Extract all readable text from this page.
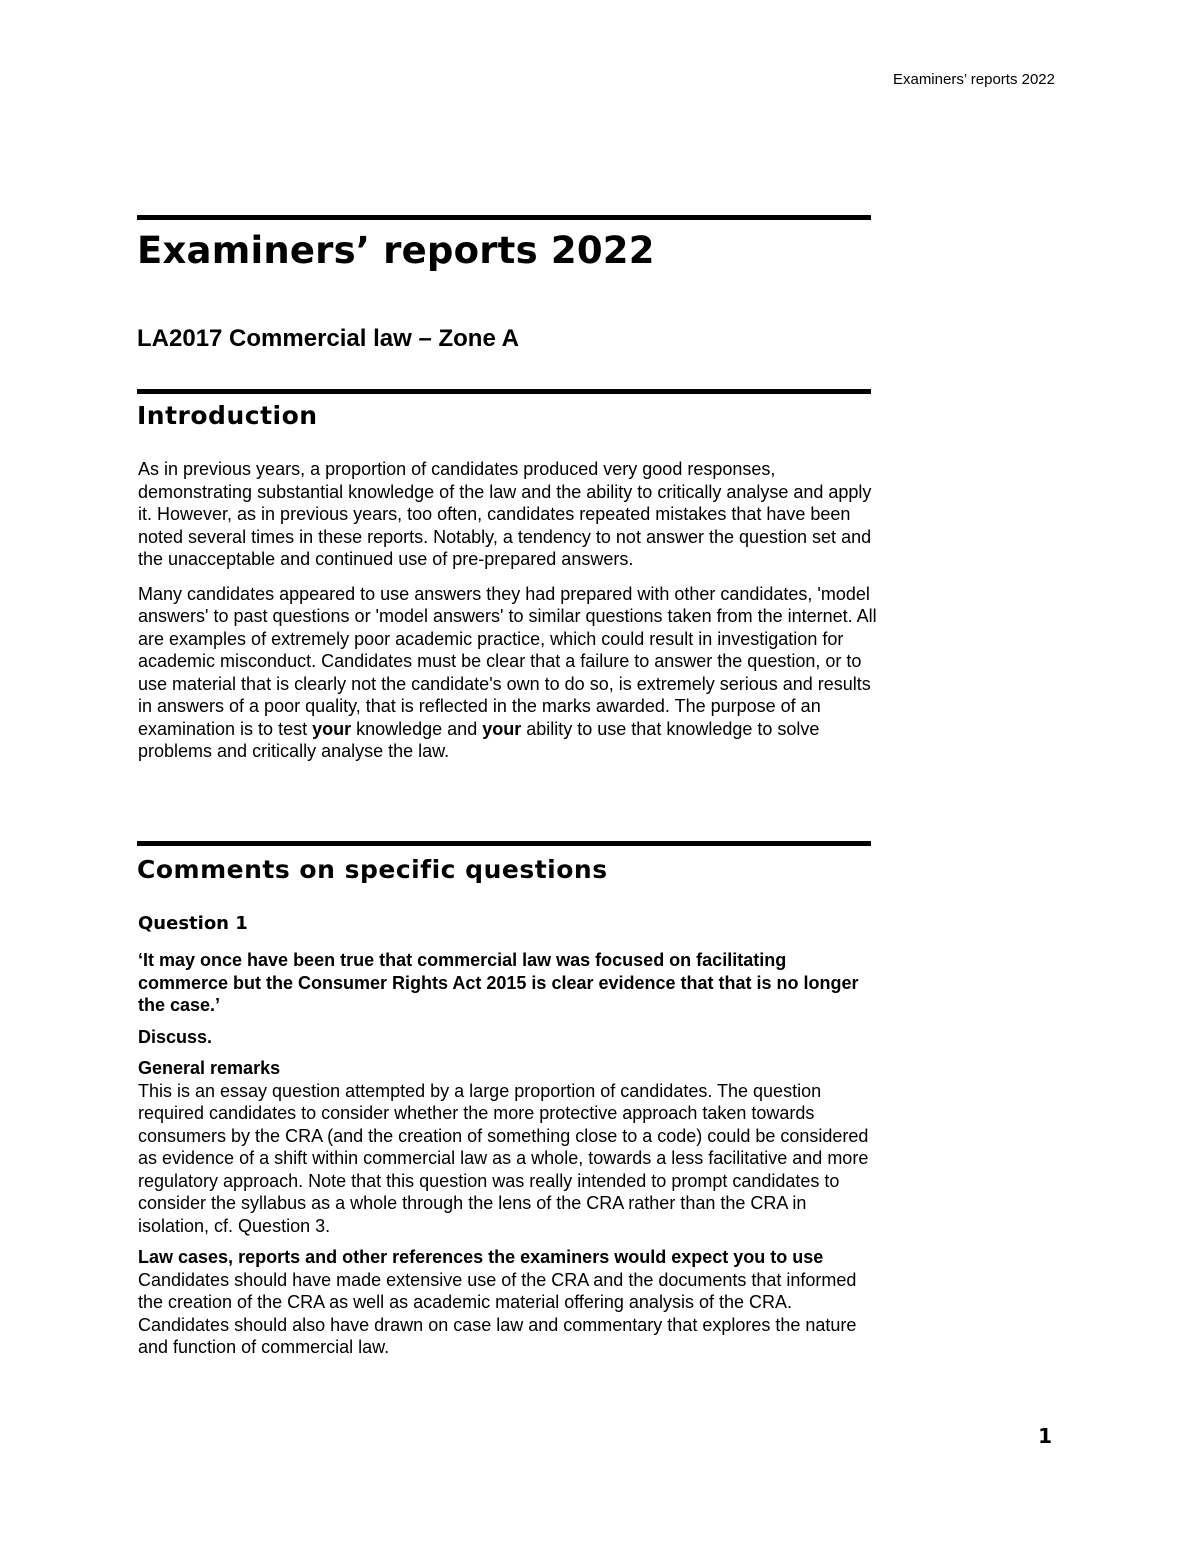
Examiners’ reports 2022
Examiners’ reports 2022
LA2017 Commercial law – Zone A
Introduction

As in previous years, a proportion of candidates produced very good responses, demonstrating substantial knowledge of the law and the ability to critically analyse and apply it. However, as in previous years, too often, candidates repeated mistakes that have been noted several times in these reports. Notably, a tendency to not answer the question set and the unacceptable and continued use of pre-prepared answers.

Many candidates appeared to use answers they had prepared with other candidates, 'model answers' to past questions or 'model answers' to similar questions taken from the internet. All are examples of extremely poor academic practice, which could result in investigation for academic misconduct. Candidates must be clear that a failure to answer the question, or to use material that is clearly not the candidate's own to do so, is extremely serious and results in answers of a poor quality, that is reflected in the marks awarded. The purpose of an examination is to test your knowledge and your ability to use that knowledge to solve problems and critically analyse the law.

Comments on specific questions
Question 1

‘It may once have been true that commercial law was focused on facilitating commerce but the Consumer Rights Act 2015 is clear evidence that that is no longer the case.’

Discuss.

General remarks

This is an essay question attempted by a large proportion of candidates. The question required candidates to consider whether the more protective approach taken towards consumers by the CRA (and the creation of something close to a code) could be considered as evidence of a shift within commercial law as a whole, towards a less facilitative and more regulatory approach. Note that this question was really intended to prompt candidates to consider the syllabus as a whole through the lens of the CRA rather than the CRA in isolation, cf. Question 3.

Law cases, reports and other references the examiners would expect you to use

Candidates should have made extensive use of the CRA and the documents that informed the creation of the CRA as well as academic material offering analysis of the CRA. Candidates should also have drawn on case law and commentary that explores the nature and function of commercial law.

1
